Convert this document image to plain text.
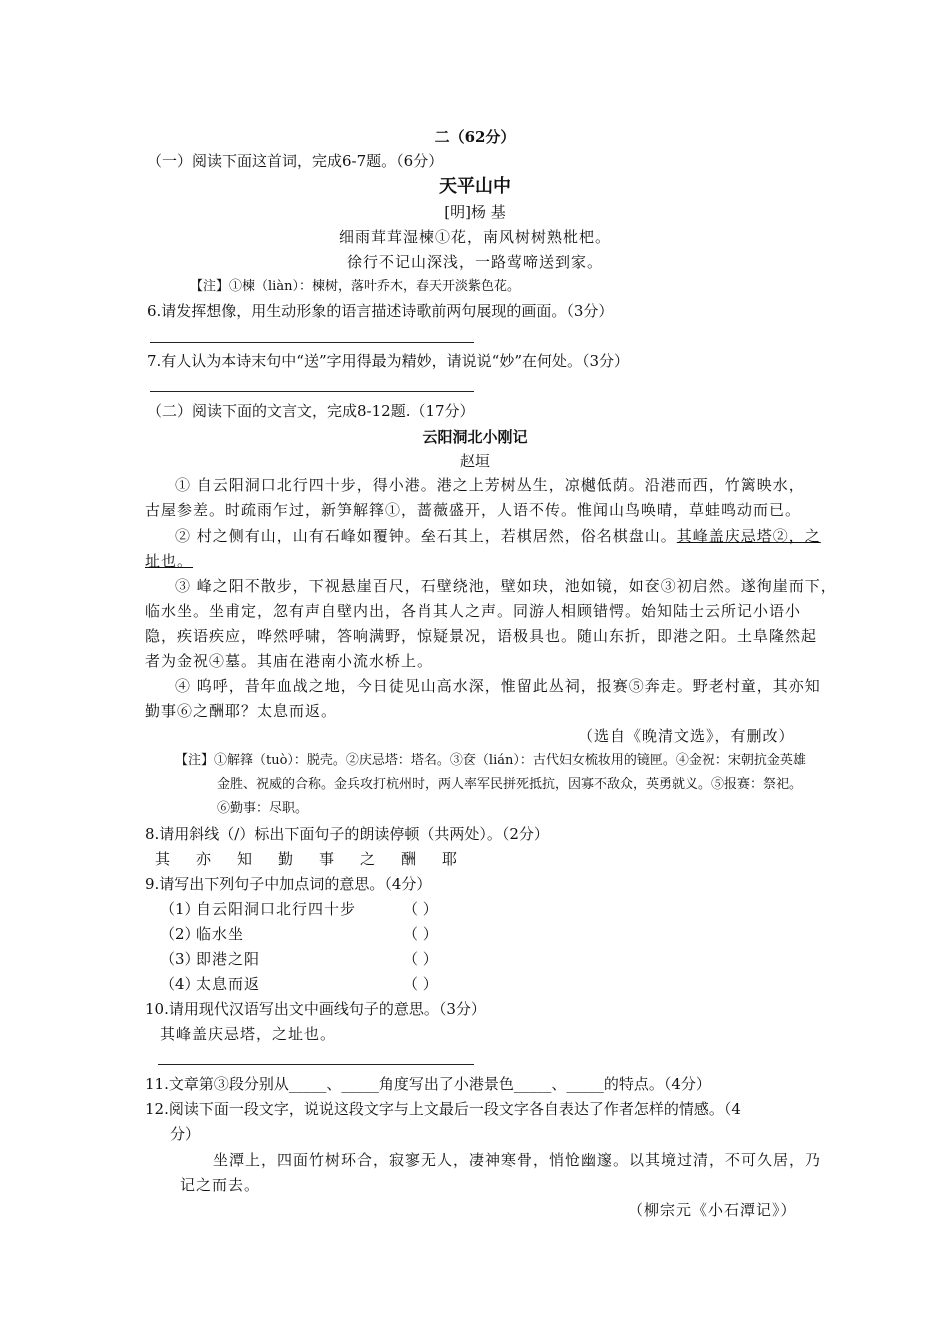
二（62分）
（一）阅读下面这首词，完成6-7题。（6分）
天平山中
[明]杨 基
细雨茸茸湿楝①花，南风树树熟枇杷。
徐行不记山深浅，一路莺啼送到家。
【注】①楝（liàn）：楝树，落叶乔木，春天开淡紫色花。
6.请发挥想像，用生动形象的语言描述诗歌前两句展现的画面。（3分）
7.有人认为本诗末句中“送”字用得最为精妙，请说说“妙”在何处。（3分）
（二）阅读下面的文言文，完成8-12题.（17分）
云阳洞北小刚记
赵垣
① 自云阳洞口北行四十步，得小港。港之上芳树丛生，凉樾低荫。沿港而西，竹篱映水，
古屋参差。时疏雨乍过，新笋解箨①，蔷薇盛开，人语不传。惟闻山鸟唤晴，草蛙鸣动而已。
② 村之侧有山，山有石峰如覆钟。垒石其上，若棋居然，俗名棋盘山。其峰盖庆忌塔②，之
址也。
③ 峰之阳不散步，下视悬崖百尺，石壁绕池，壁如玦，池如镜，如奁③初启然。遂徇崖而下，
临水坐。坐甫定，忽有声自壁内出，各肖其人之声。同游人相顾错愕。始知陆士云所记小语小
隐，疾语疾应，哗然呼啸，答响满野，惊疑景况，语极具也。随山东折，即港之阳。土阜隆然起
者为金祝④墓。其庙在港南小流水桥上。
④ 呜呼，昔年血战之地，今日徒见山高水深，惟留此丛祠，报赛⑤奔走。野老村童，其亦知
勤事⑥之酬耶？太息而返。
（选自《晚清文选》，有删改）
【注】①解箨（tuò）：脱壳。②庆忌塔：塔名。③奁（lián）：古代妇女梳妆用的镜匣。④金祝：宋朝抗金英雄
金胜、祝威的合称。金兵攻打杭州时，两人率军民拼死抵抗，因寡不敌众，英勇就义。⑤报赛：祭祀。
⑥勤事：尽职。
8.请用斜线（/）标出下面句子的朗读停顿（共两处）。（2分）
其亦知勤事之酬耶
9.请写出下列句子中加点词的意思。（4分）
（1）
自云阳洞口北行四十步	（ ）
（2）
临水坐	（ ）
（3）
即港之阳	（ ）
（4）
太息而返	（ ）
10.请用现代汉语写出文中画线句子的意思。（3分）
其峰盖庆忌塔，之址也。
11.文章第③段分别从_____、_____角度写出了小港景色_____、_____的特点。（4分）
12.阅读下面一段文字，说说这段文字与上文最后一段文字各自表达了作者怎样的情感。（4
分）
坐潭上，四面竹树环合，寂寥无人，凄神寒骨，悄怆幽邃。以其境过清，不可久居，乃
记之而去。
（柳宗元《小石潭记》）
